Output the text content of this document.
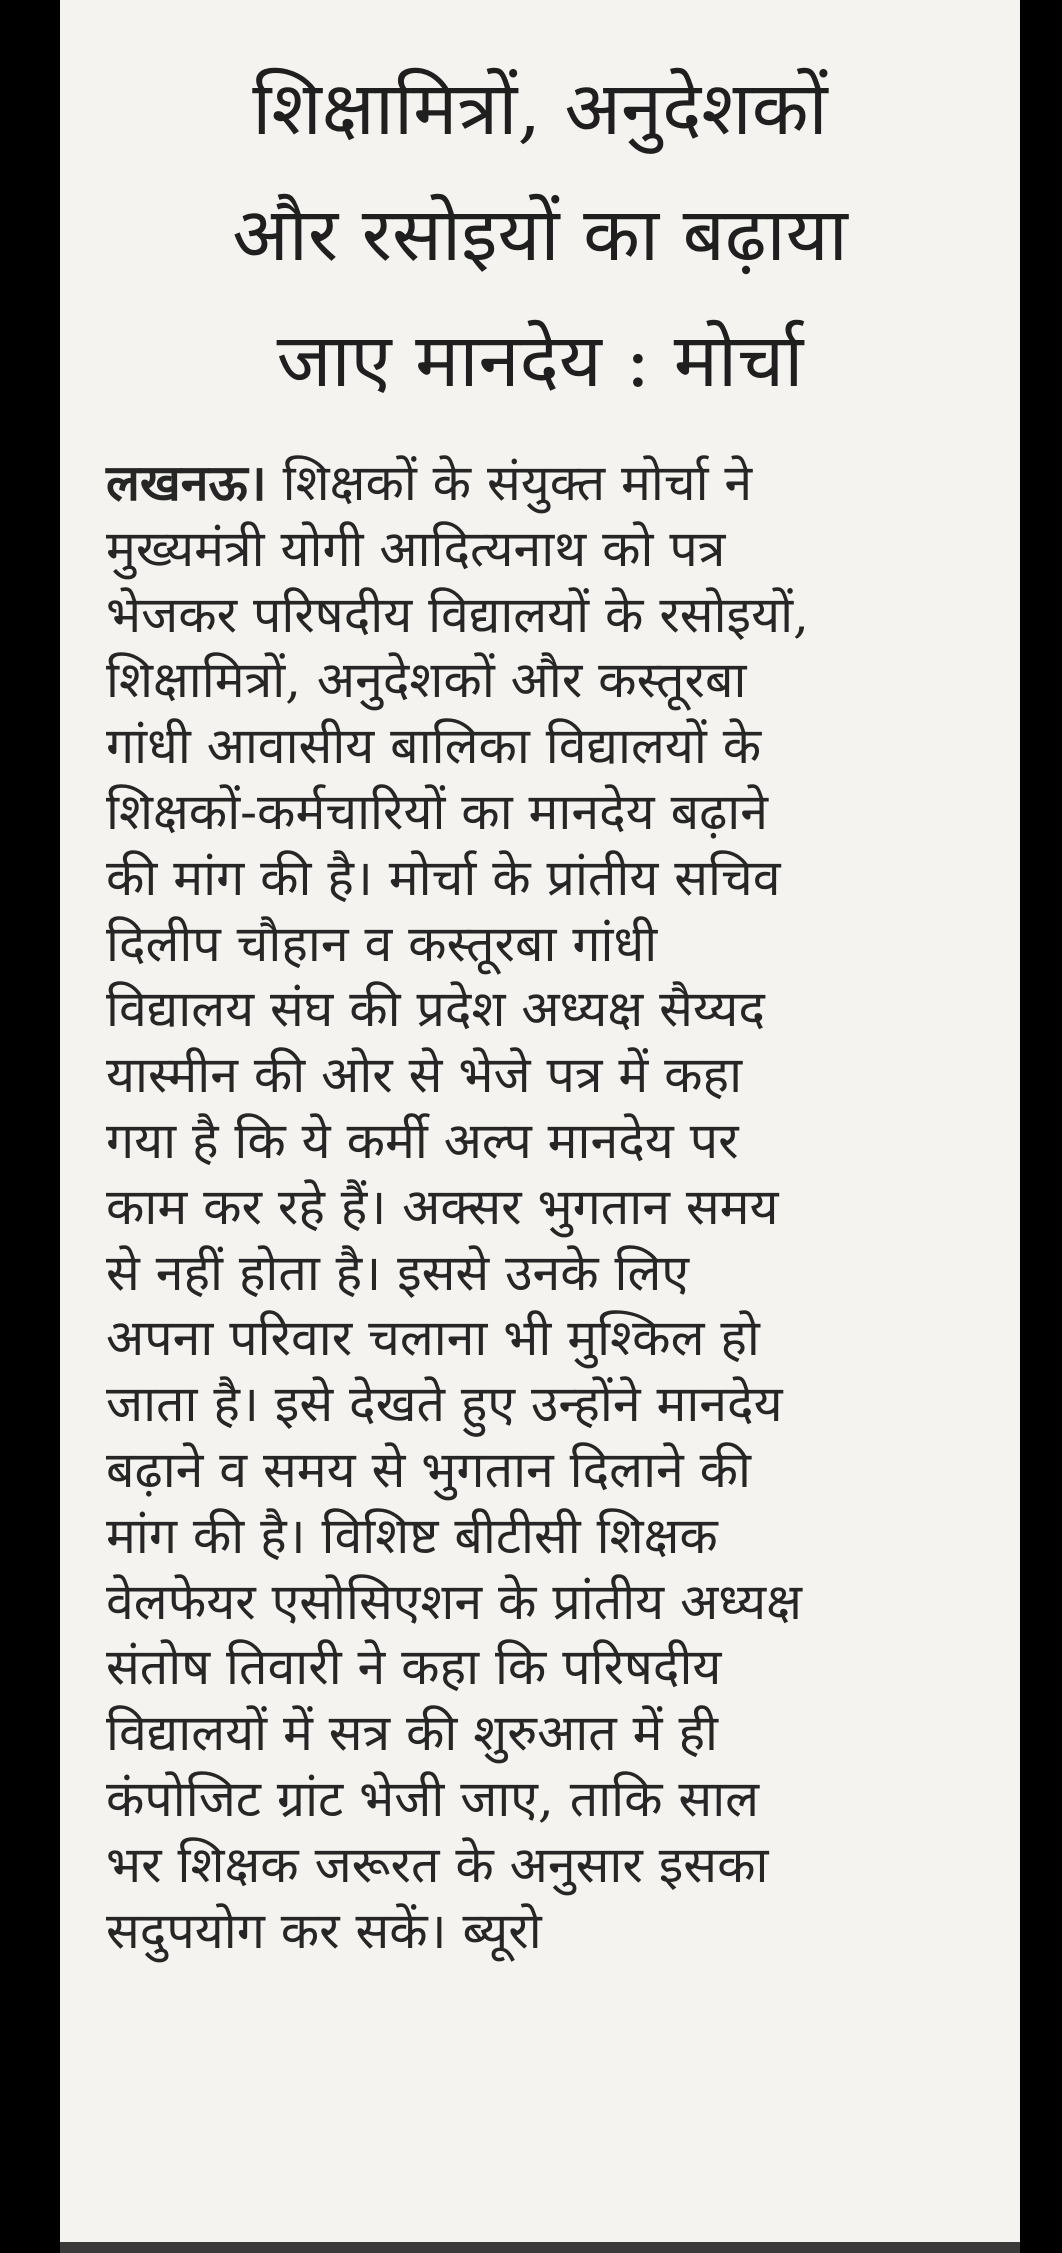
शिक्षामित्रों, अनुदेशकों
और रसोइयों का बढ़ाया
जाए मानदेय : मोर्चा
लखनऊ। शिक्षकों के संयुक्त मोर्चा ने
मुख्यमंत्री योगी आदित्यनाथ को पत्र
भेजकर परिषदीय विद्यालयों के रसोइयों,
शिक्षामित्रों, अनुदेशकों और कस्तूरबा
गांधी आवासीय बालिका विद्यालयों के
शिक्षकों-कर्मचारियों का मानदेय बढ़ाने
की मांग की है। मोर्चा के प्रांतीय सचिव
दिलीप चौहान व कस्तूरबा गांधी
विद्यालय संघ की प्रदेश अध्यक्ष सैय्यद
यास्मीन की ओर से भेजे पत्र में कहा
गया है कि ये कर्मी अल्प मानदेय पर
काम कर रहे हैं। अक्सर भुगतान समय
से नहीं होता है। इससे उनके लिए
अपना परिवार चलाना भी मुश्किल हो
जाता है। इसे देखते हुए उन्होंने मानदेय
बढ़ाने व समय से भुगतान दिलाने की
मांग की है। विशिष्ट बीटीसी शिक्षक
वेलफेयर एसोसिएशन के प्रांतीय अध्यक्ष
संतोष तिवारी ने कहा कि परिषदीय
विद्यालयों में सत्र की शुरुआत में ही
कंपोजिट ग्रांट भेजी जाए, ताकि साल
भर शिक्षक जरूरत के अनुसार इसका
सदुपयोग कर सकें। ब्यूरो
